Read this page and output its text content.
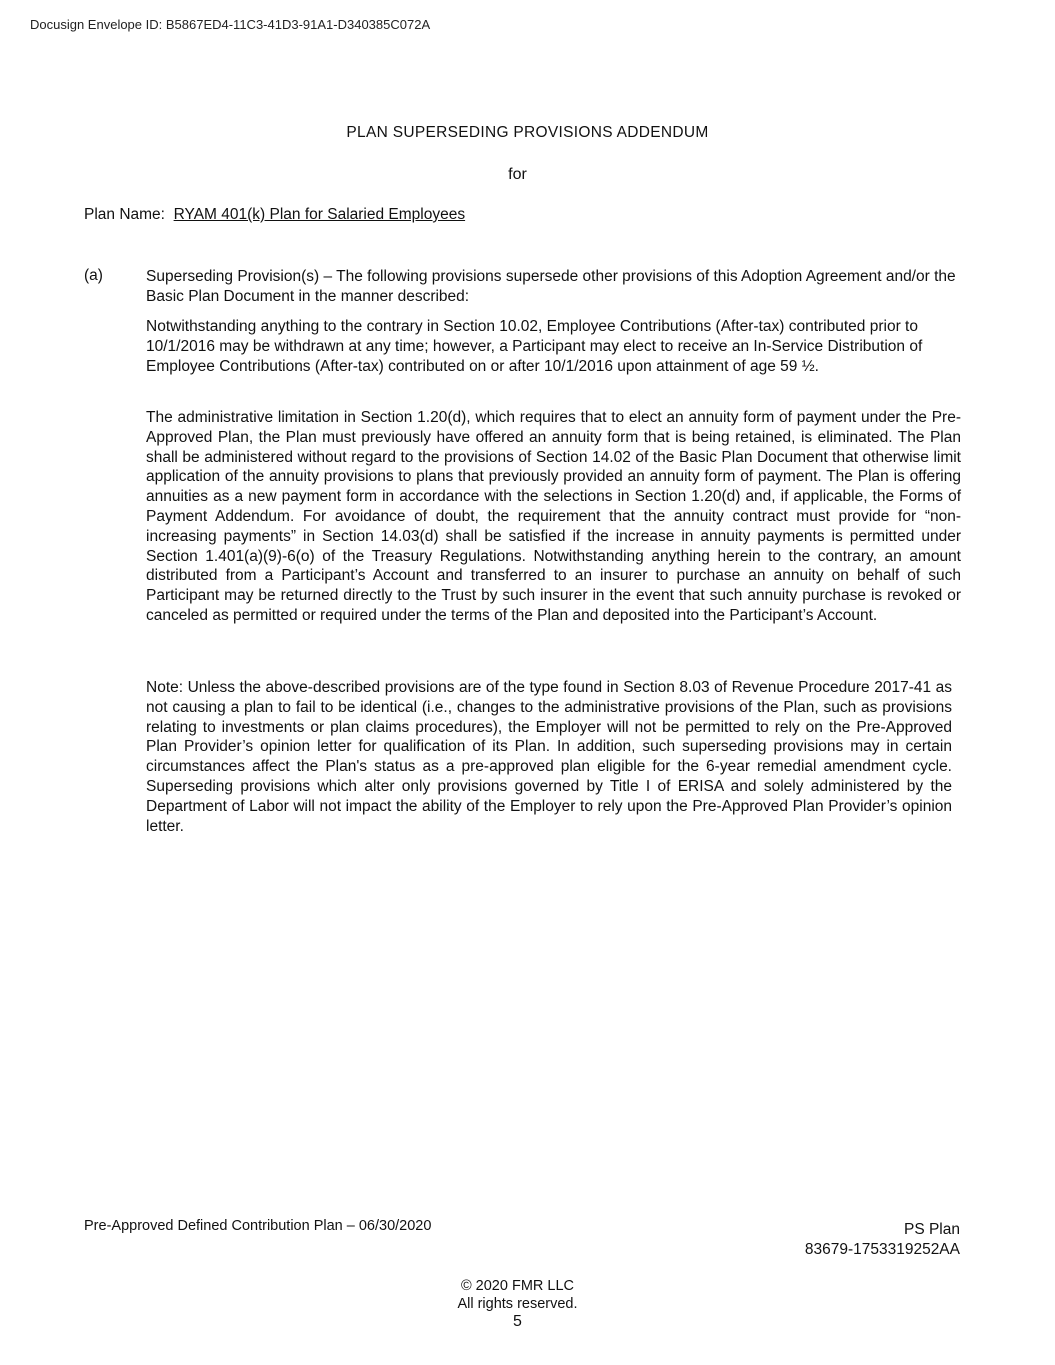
Docusign Envelope ID: B5867ED4-11C3-41D3-91A1-D340385C072A
PLAN SUPERSEDING PROVISIONS ADDENDUM
for
Plan Name: RYAM 401(k) Plan for Salaried Employees
(a)	Superseding Provision(s) – The following provisions supersede other provisions of this Adoption Agreement and/or the Basic Plan Document in the manner described:
Notwithstanding anything to the contrary in Section 10.02, Employee Contributions (After-tax) contributed prior to 10/1/2016 may be withdrawn at any time; however, a Participant may elect to receive an In-Service Distribution of Employee Contributions (After-tax) contributed on or after 10/1/2016 upon attainment of age 59 ½.
The administrative limitation in Section 1.20(d), which requires that to elect an annuity form of payment under the Pre-Approved Plan, the Plan must previously have offered an annuity form that is being retained, is eliminated. The Plan shall be administered without regard to the provisions of Section 14.02 of the Basic Plan Document that otherwise limit application of the annuity provisions to plans that previously provided an annuity form of payment. The Plan is offering annuities as a new payment form in accordance with the selections in Section 1.20(d) and, if applicable, the Forms of Payment Addendum. For avoidance of doubt, the requirement that the annuity contract must provide for “non-increasing payments” in Section 14.03(d) shall be satisfied if the increase in annuity payments is permitted under Section 1.401(a)(9)-6(o) of the Treasury Regulations. Notwithstanding anything herein to the contrary, an amount distributed from a Participant’s Account and transferred to an insurer to purchase an annuity on behalf of such Participant may be returned directly to the Trust by such insurer in the event that such annuity purchase is revoked or canceled as permitted or required under the terms of the Plan and deposited into the Participant’s Account.
Note: Unless the above-described provisions are of the type found in Section 8.03 of Revenue Procedure 2017-41 as not causing a plan to fail to be identical (i.e., changes to the administrative provisions of the Plan, such as provisions relating to investments or plan claims procedures), the Employer will not be permitted to rely on the Pre-Approved Plan Provider’s opinion letter for qualification of its Plan. In addition, such superseding provisions may in certain circumstances affect the Plan's status as a pre-approved plan eligible for the 6-year remedial amendment cycle. Superseding provisions which alter only provisions governed by Title I of ERISA and solely administered by the Department of Labor will not impact the ability of the Employer to rely upon the Pre-Approved Plan Provider’s opinion letter.
Pre-Approved Defined Contribution Plan – 06/30/2020	PS Plan
83679-1753319252AA
© 2020 FMR LLC
All rights reserved.
5
